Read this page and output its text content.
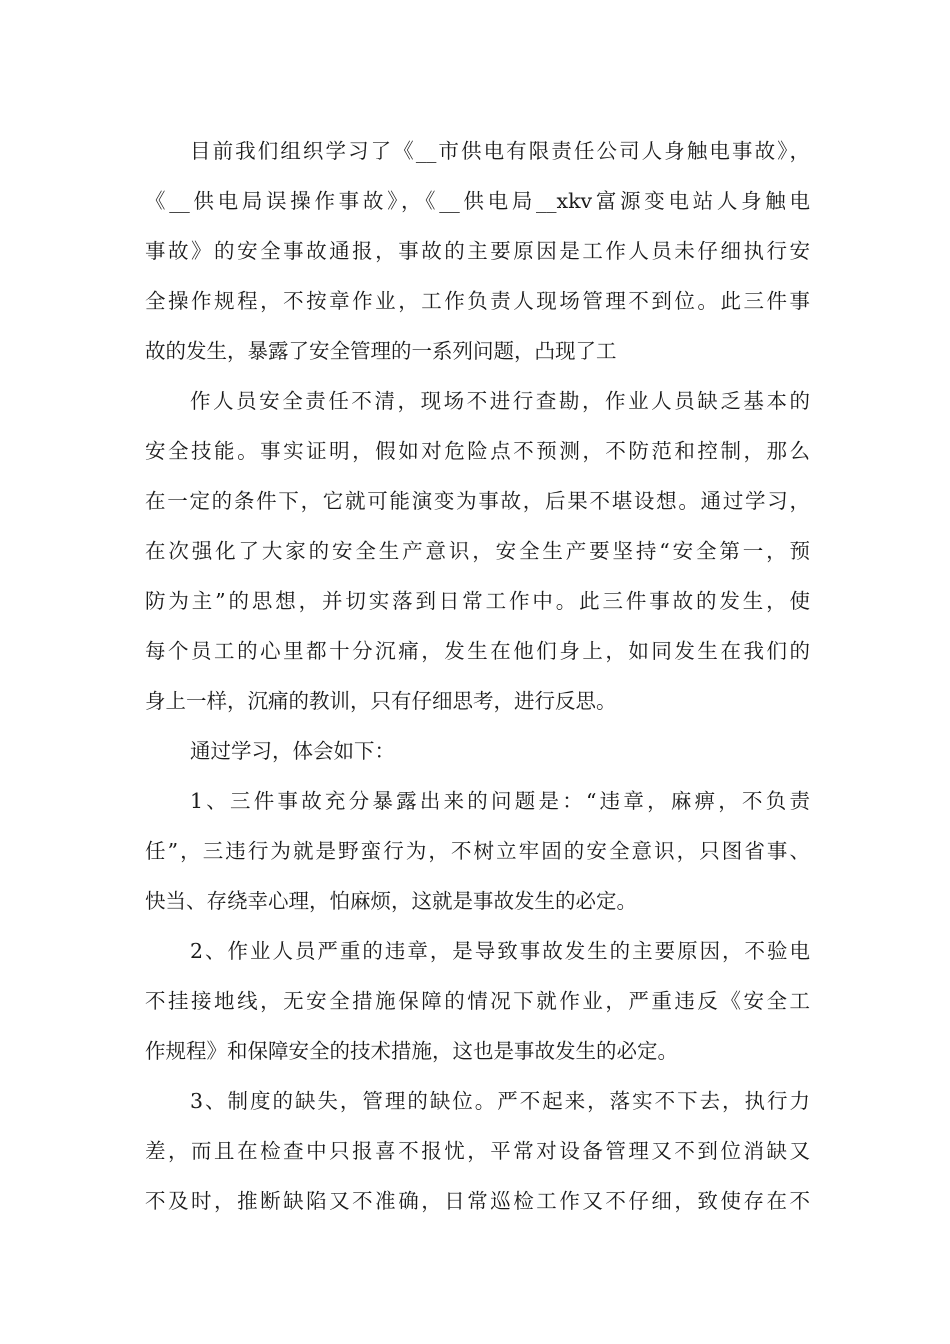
目前我们组织学习了《__市供电有限责任公司人身触电事故》，
《__供电局误操作事故》，《__供电局__xkv富源变电站人身触电
事故》的安全事故通报，事故的主要原因是工作人员未仔细执行安
全操作规程，不按章作业，工作负责人现场管理不到位。此三件事
故的发生，暴露了安全管理的一系列问题，凸现了工
作人员安全责任不清，现场不进行查勘，作业人员缺乏基本的
安全技能。事实证明，假如对危险点不预测，不防范和控制，那么
在一定的条件下，它就可能演变为事故，后果不堪设想。通过学习，
在次强化了大家的安全生产意识，安全生产要坚持“安全第一，预
防为主”的思想，并切实落到日常工作中。此三件事故的发生，使
每个员工的心里都十分沉痛，发生在他们身上，如同发生在我们的
身上一样，沉痛的教训，只有仔细思考，进行反思。
通过学习，体会如下：
1、三件事故充分暴露出来的问题是：“违章，麻痹，不负责
任”，三违行为就是野蛮行为，不树立牢固的安全意识，只图省事、
快当、存绕幸心理，怕麻烦，这就是事故发生的必定。
2、作业人员严重的违章，是导致事故发生的主要原因，不验电
不挂接地线，无安全措施保障的情况下就作业，严重违反《安全工
作规程》和保障安全的技术措施，这也是事故发生的必定。
3、制度的缺失，管理的缺位。严不起来，落实不下去，执行力
差，而且在检查中只报喜不报忧，平常对设备管理又不到位消缺又
不及时，推断缺陷又不准确，日常巡检工作又不仔细，致使存在不
